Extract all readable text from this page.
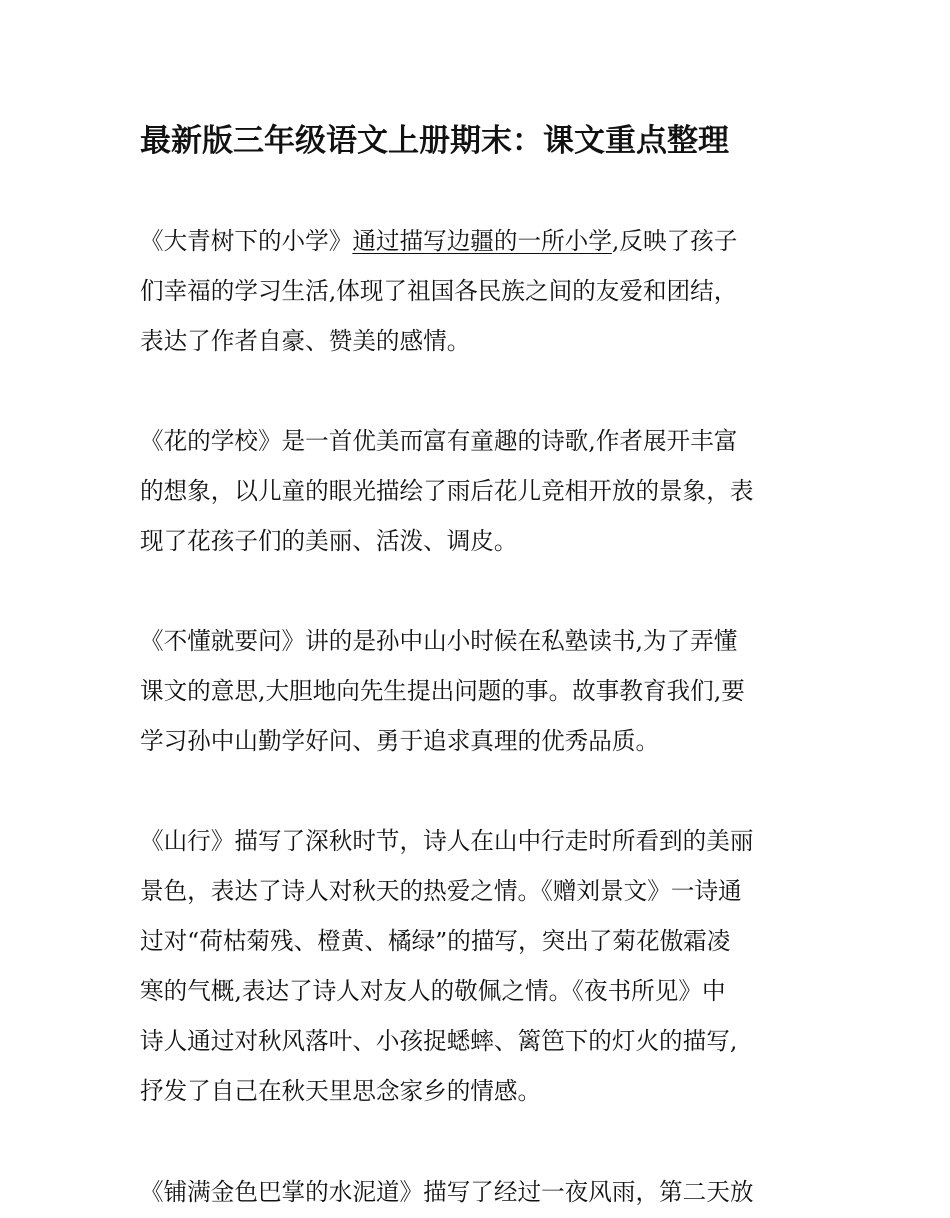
最新版三年级语文上册期末：课文重点整理
《大青树下的小学》通过描写边疆的一所小学,反映了孩子
们幸福的学习生活,体现了祖国各民族之间的友爱和团结，
表达了作者自豪、赞美的感情。
《花的学校》是一首优美而富有童趣的诗歌,作者展开丰富
的想象，以儿童的眼光描绘了雨后花儿竞相开放的景象，表
现了花孩子们的美丽、活泼、调皮。
《不懂就要问》讲的是孙中山小时候在私塾读书,为了弄懂
课文的意思,大胆地向先生提出问题的事。故事教育我们,要
学习孙中山勤学好问、勇于追求真理的优秀品质。
《山行》描写了深秋时节，诗人在山中行走时所看到的美丽
景色，表达了诗人对秋天的热爱之情。《赠刘景文》一诗通
过对“荷枯菊残、橙黄、橘绿”的描写，突出了菊花傲霜凌
寒的气概,表达了诗人对友人的敬佩之情。《夜书所见》中
诗人通过对秋风落叶、小孩捉蟋蟀、篱笆下的灯火的描写,
抒发了自己在秋天里思念家乡的情感。
《铺满金色巴掌的水泥道》描写了经过一夜风雨，第二天放
